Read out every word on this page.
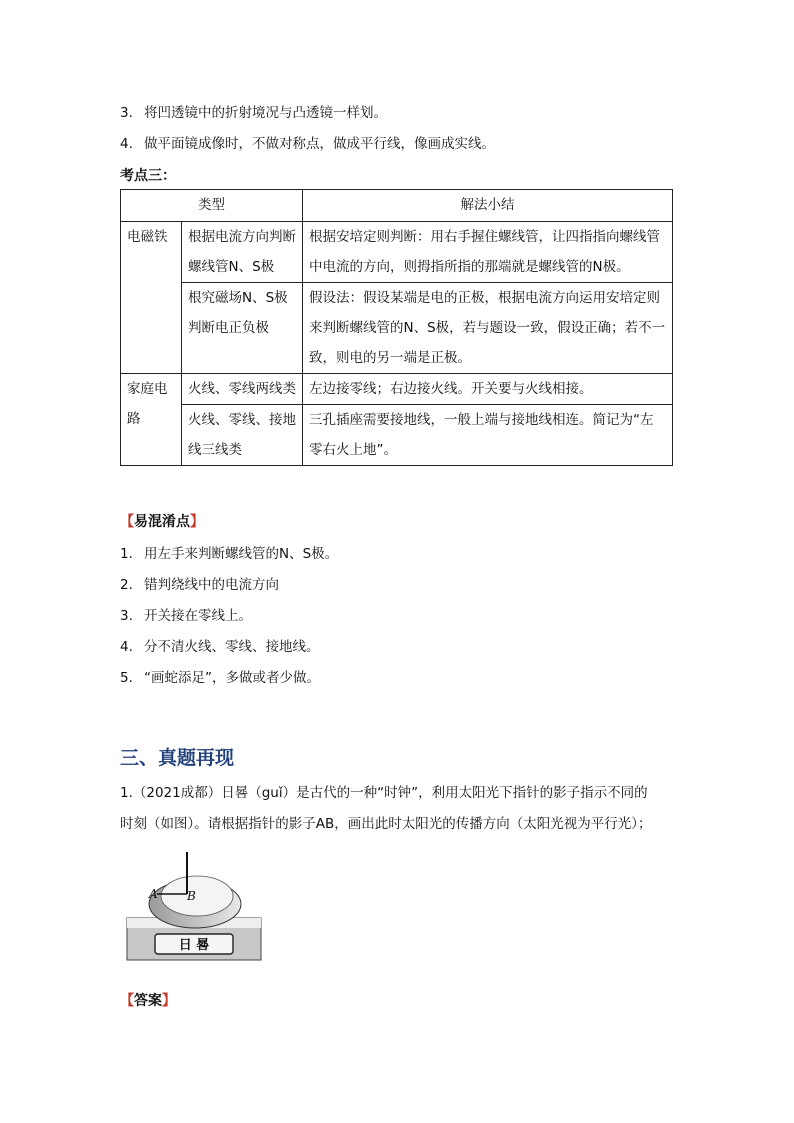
3. 将凹透镜中的折射境况与凸透镜一样划。
4. 做平面镜成像时，不做对称点，做成平行线，像画成实线。
考点三：
类型		解法小结
电磁铁	根据电流方向判断螺线管N、S极	根据安培定则判断：用右手握住螺线管，让四指指向螺线管中电流的方向，则拇指所指的那端就是螺线管的N极。
	根究磁场N、S极判断电正负极	假设法：假设某端是电的正极，根据电流方向运用安培定则来判断螺线管的N、S极，若与题设一致，假设正确；若不一致，则电的另一端是正极。
家庭电路	火线、零线两线类	左边接零线；右边接火线。开关要与火线相接。
	火线、零线、接地线三线类	三孔插座需要接地线，一般上端与接地线相连。简记为“左零右火上地”。
【易混淆点】
1. 用左手来判断螺线管的N、S极。
2. 错判绕线中的电流方向
3. 开关接在零线上。
4. 分不清火线、零线、接地线。
5. “画蛇添足”，多做或者少做。
三、真题再现
1.（2021成都）日晷（guǐ）是古代的一种“时钟”，利用太阳光下指针的影子指示不同的
时刻（如图）。请根据指针的影子AB，画出此时太阳光的传播方向（太阳光视为平行光）；
A B
日 晷
【答案】
